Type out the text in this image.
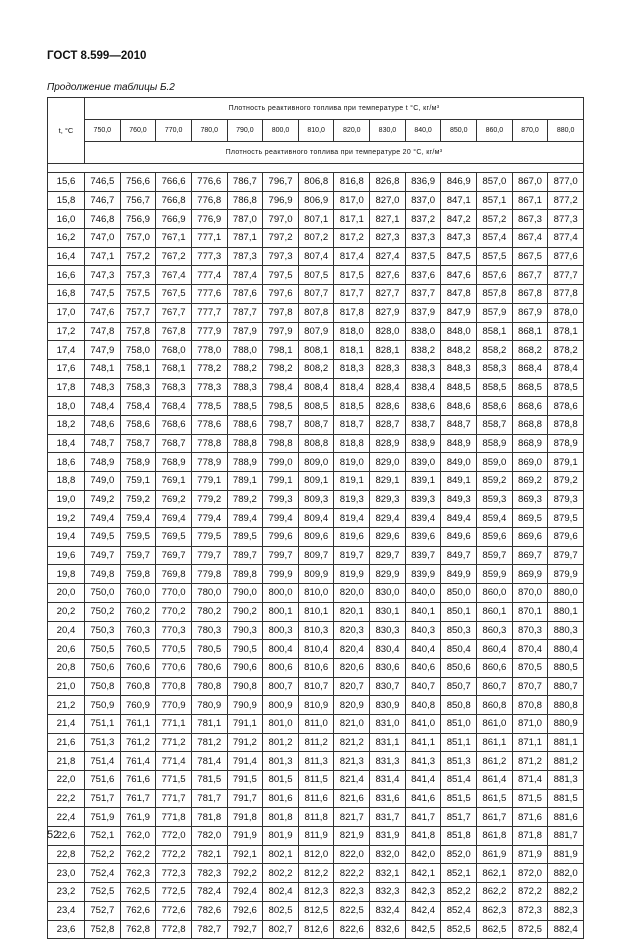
ГОСТ 8.599—2010
Продолжение таблицы Б.2
t, °С	Плотность реактивного топлива при температуре t °С, кг/м³													
	750,0	760,0	770,0	780,0	790,0	800,0	810,0	820,0	830,0	840,0	850,0	860,0	870,0	880,0
	Плотность реактивного топлива при температуре 20 °С, кг/м³													

15,6	746,5	756,6	766,6	776,6	786,7	796,7	806,8	816,8	826,8	836,9	846,9	857,0	867,0	877,0
15,8	746,7	756,7	766,8	776,8	786,8	796,9	806,9	817,0	827,0	837,0	847,1	857,1	867,1	877,2
16,0	746,8	756,9	766,9	776,9	787,0	797,0	807,1	817,1	827,1	837,2	847,2	857,2	867,3	877,3
16,2	747,0	757,0	767,1	777,1	787,1	797,2	807,2	817,2	827,3	837,3	847,3	857,4	867,4	877,4
16,4	747,1	757,2	767,2	777,3	787,3	797,3	807,4	817,4	827,4	837,5	847,5	857,5	867,5	877,6
16,6	747,3	757,3	767,4	777,4	787,4	797,5	807,5	817,5	827,6	837,6	847,6	857,6	867,7	877,7
16,8	747,5	757,5	767,5	777,6	787,6	797,6	807,7	817,7	827,7	837,7	847,8	857,8	867,8	877,8
17,0	747,6	757,7	767,7	777,7	787,7	797,8	807,8	817,8	827,9	837,9	847,9	857,9	867,9	878,0
17,2	747,8	757,8	767,8	777,9	787,9	797,9	807,9	818,0	828,0	838,0	848,0	858,1	868,1	878,1
17,4	747,9	758,0	768,0	778,0	788,0	798,1	808,1	818,1	828,1	838,2	848,2	858,2	868,2	878,2
17,6	748,1	758,1	768,1	778,2	788,2	798,2	808,2	818,3	828,3	838,3	848,3	858,3	868,4	878,4
17,8	748,3	758,3	768,3	778,3	788,3	798,4	808,4	818,4	828,4	838,4	848,5	858,5	868,5	878,5
18,0	748,4	758,4	768,4	778,5	788,5	798,5	808,5	818,5	828,6	838,6	848,6	858,6	868,6	878,6
18,2	748,6	758,6	768,6	778,6	788,6	798,7	808,7	818,7	828,7	838,7	848,7	858,7	868,8	878,8
18,4	748,7	758,7	768,7	778,8	788,8	798,8	808,8	818,8	828,9	838,9	848,9	858,9	868,9	878,9
18,6	748,9	758,9	768,9	778,9	788,9	799,0	809,0	819,0	829,0	839,0	849,0	859,0	869,0	879,1
18,8	749,0	759,1	769,1	779,1	789,1	799,1	809,1	819,1	829,1	839,1	849,1	859,2	869,2	879,2
19,0	749,2	759,2	769,2	779,2	789,2	799,3	809,3	819,3	829,3	839,3	849,3	859,3	869,3	879,3
19,2	749,4	759,4	769,4	779,4	789,4	799,4	809,4	819,4	829,4	839,4	849,4	859,4	869,5	879,5
19,4	749,5	759,5	769,5	779,5	789,5	799,6	809,6	819,6	829,6	839,6	849,6	859,6	869,6	879,6
19,6	749,7	759,7	769,7	779,7	789,7	799,7	809,7	819,7	829,7	839,7	849,7	859,7	869,7	879,7
19,8	749,8	759,8	769,8	779,8	789,8	799,9	809,9	819,9	829,9	839,9	849,9	859,9	869,9	879,9
20,0	750,0	760,0	770,0	780,0	790,0	800,0	810,0	820,0	830,0	840,0	850,0	860,0	870,0	880,0
20,2	750,2	760,2	770,2	780,2	790,2	800,1	810,1	820,1	830,1	840,1	850,1	860,1	870,1	880,1
20,4	750,3	760,3	770,3	780,3	790,3	800,3	810,3	820,3	830,3	840,3	850,3	860,3	870,3	880,3
20,6	750,5	760,5	770,5	780,5	790,5	800,4	810,4	820,4	830,4	840,4	850,4	860,4	870,4	880,4
20,8	750,6	760,6	770,6	780,6	790,6	800,6	810,6	820,6	830,6	840,6	850,6	860,6	870,5	880,5
21,0	750,8	760,8	770,8	780,8	790,8	800,7	810,7	820,7	830,7	840,7	850,7	860,7	870,7	880,7
21,2	750,9	760,9	770,9	780,9	790,9	800,9	810,9	820,9	830,9	840,8	850,8	860,8	870,8	880,8
21,4	751,1	761,1	771,1	781,1	791,1	801,0	811,0	821,0	831,0	841,0	851,0	861,0	871,0	880,9
21,6	751,3	761,2	771,2	781,2	791,2	801,2	811,2	821,2	831,1	841,1	851,1	861,1	871,1	881,1
21,8	751,4	761,4	771,4	781,4	791,4	801,3	811,3	821,3	831,3	841,3	851,3	861,2	871,2	881,2
22,0	751,6	761,6	771,5	781,5	791,5	801,5	811,5	821,4	831,4	841,4	851,4	861,4	871,4	881,3
22,2	751,7	761,7	771,7	781,7	791,7	801,6	811,6	821,6	831,6	841,6	851,5	861,5	871,5	881,5
22,4	751,9	761,9	771,8	781,8	791,8	801,8	811,8	821,7	831,7	841,7	851,7	861,7	871,6	881,6
22,6	752,1	762,0	772,0	782,0	791,9	801,9	811,9	821,9	831,9	841,8	851,8	861,8	871,8	881,7
22,8	752,2	762,2	772,2	782,1	792,1	802,1	812,0	822,0	832,0	842,0	852,0	861,9	871,9	881,9
23,0	752,4	762,3	772,3	782,3	792,2	802,2	812,2	822,2	832,1	842,1	852,1	862,1	872,0	882,0
23,2	752,5	762,5	772,5	782,4	792,4	802,4	812,3	822,3	832,3	842,3	852,2	862,2	872,2	882,2
23,4	752,7	762,6	772,6	782,6	792,6	802,5	812,5	822,5	832,4	842,4	852,4	862,3	872,3	882,3
23,6	752,8	762,8	772,8	782,7	792,7	802,7	812,6	822,6	832,6	842,5	852,5	862,5	872,5	882,4
52
